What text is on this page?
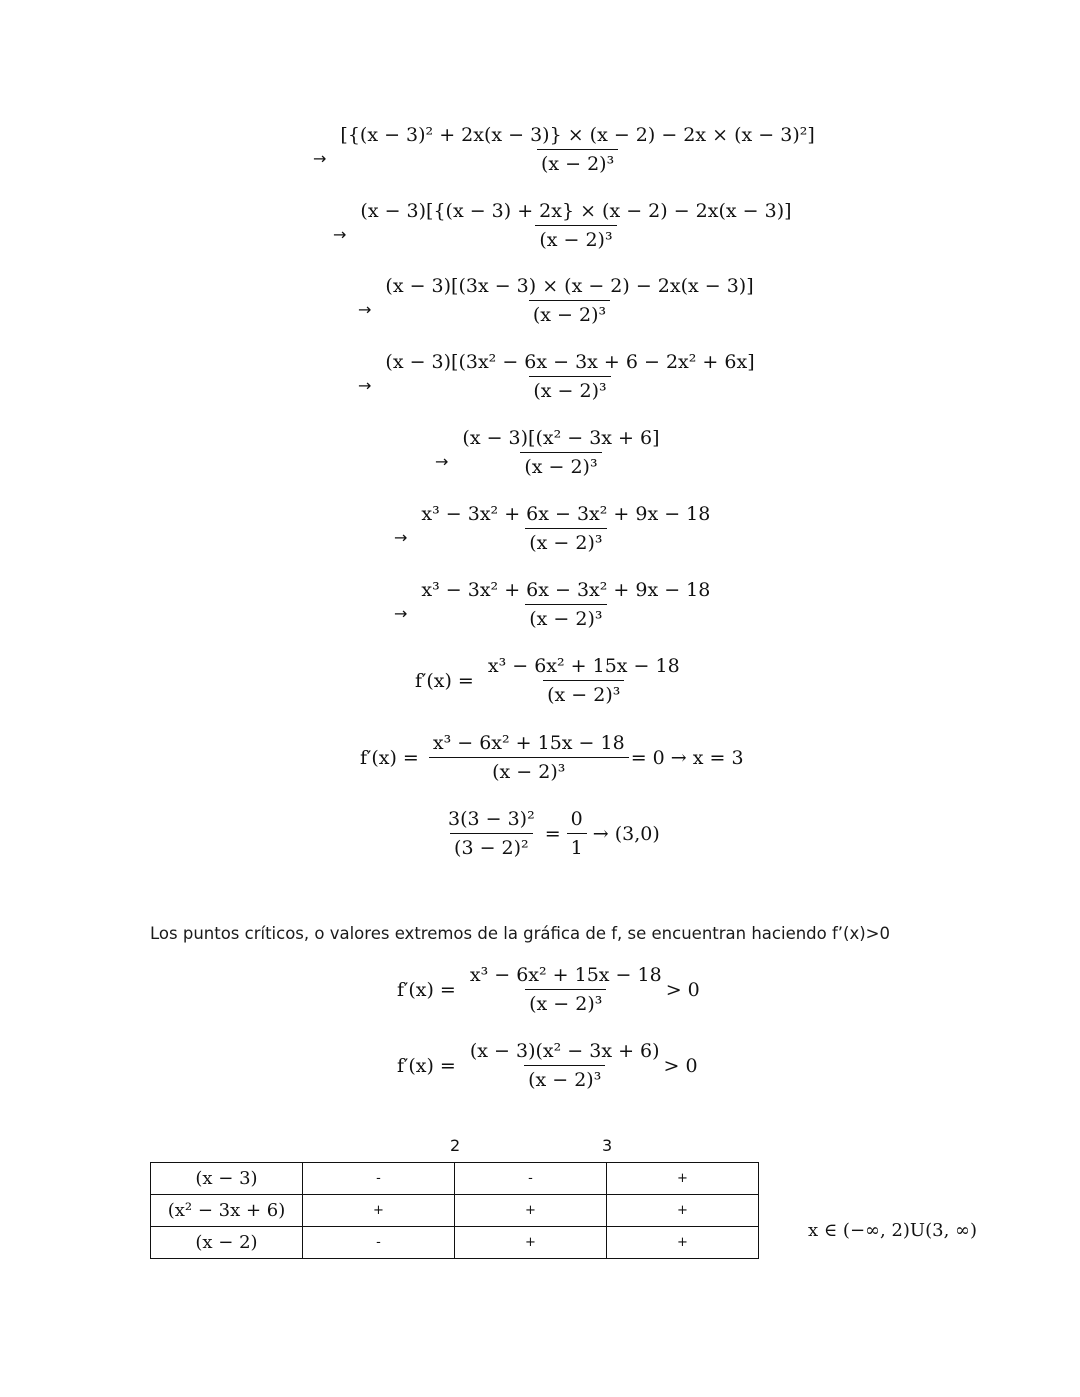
→ $\frac{\text{[\{(x − 3)² + 2x(x − 3)\} × (x − 2) − 2x × (x − 3)²]}}{\text{(x − 2)³}}$
→ $\frac{(x - 3)[\{(x - 3) + 2x\} \times (x - 2) - 2x(x - 3)]}{\text{(x − 2)³}}$
→ $\frac{(x - 3)[(3x - 3) \times (x - 2) - 2x(x - 3)]}{\text{(x − 2)³}}$
→ $\frac{\text{(x − 3)[(3x² − 6x − 3x + 6 − 2x² + 6x]}}{\text{(x − 2)³}}$
→ $\frac{\text{(x − 3)[(x² − 3x + 6]}}{\text{(x − 2)³}}$
→ $\frac{\text{x³ − 3x² + 6x − 3x² + 9x − 18}}{\text{(x − 2)³}}$
→ $\frac{\text{x³ − 3x² + 6x − 3x² + 9x − 18}}{\text{(x − 2)³}}$
$f'(x) = \frac{\text{x³ − 6x² + 15x − 18}}{\text{(x − 2)³}}$
$f'(x) = \frac{\text{x³ − 6x² + 15x − 18}}{\text{(x − 2)³}} = 0 \to x = 3$
$\frac{\text{3(3 − 3)²}}{\text{(3 − 2)²}} = \frac{0}{1} \to (3,0)$
Los puntos críticos, o valores extremos de la gráfica de f, se encuentran haciendo f’(x)>0
$f'(x) = \frac{\text{x³ − 6x² + 15x − 18}}{\text{(x − 2)³}} > 0$
$f'(x) = \frac{\text{(x − 3)(x² − 3x + 6)}}{\text{(x − 2)³}} > 0$
2	3
(x − 3)	-	-	+
(x² − 3x + 6)	+	+	+
(x − 2)	-	+	+
x ∈ (−∞, 2)U(3, ∞)
